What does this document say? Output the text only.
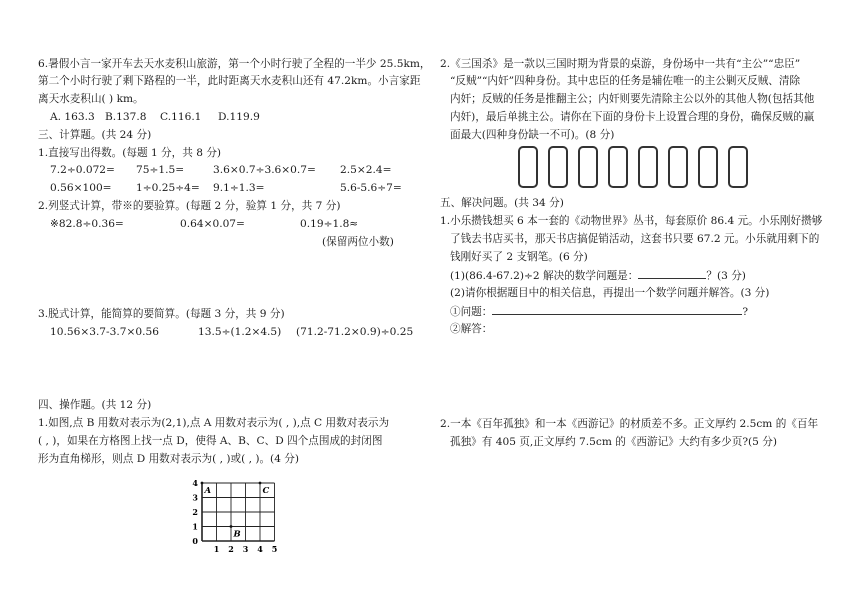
6.暑假小言一家开车去天水麦积山旅游，第一个小时行驶了全程的一半少 25.5km，
第二个小时行驶了剩下路程的一半，此时距离天水麦积山还有 47.2km。小言家距
离天水麦积山( ) km。
A. 163.3 B.137.8 C.116.1 D.119.9
三、计算题。(共 24 分)
1.直接写出得数。(每题 1 分，共 8 分)
7.2÷0.072= 75÷1.5=	3.6×0.7÷3.6×0.7= 2.5×2.4=
0.56×100= 1÷0.25÷4= 9.1÷1.3=	5.6-5.6÷7=
2.列竖式计算，带※的要验算。(每题 2 分，验算 1 分，共 7 分)
※82.8÷0.36=	0.64×0.07=	0.19÷1.8≈
(保留两位小数)
3.脱式计算，能简算的要简算。(每题 3 分，共 9 分)
10.56×3.7-3.7×0.56	13.5÷(1.2×4.5) (71.2-71.2×0.9)÷0.25
四、操作题。(共 12 分)
1.如图,点 B 用数对表示为(2,1),点 A 用数对表示为( , ),点 C 用数对表示为
( , )，如果在方格图上找一点 D，使得 A、B、C、D 四个点围成的封闭图
形为直角梯形，则点 D 用数对表示为( , )或( , )。(4 分)
1 2 3 4 5
0
1
2
3
4
A
B
C
2.《三国杀》是一款以三国时期为背景的桌游，身份场中一共有“主公”“忠臣”
“反贼”“内奸”四种身份。其中忠臣的任务是辅佐唯一的主公剿灭反贼、清除
内奸；反贼的任务是推翻主公；内奸则要先清除主公以外的其他人物(包括其他
内奸)，最后单挑主公。请你在下面的身份卡上设置合理的身份，确保反贼的赢
面最大(四种身份缺一不可)。(8 分)
五、解决问题。(共 34 分)
1.小乐攒钱想买 6 本一套的《动物世界》丛书，每套原价 86.4 元。小乐刚好攒够
了钱去书店买书，那天书店搞促销活动，这套书只要 67.2 元。小乐就用剩下的
钱刚好买了 2 支钢笔。(6 分)
(1)(86.4-67.2)÷2 解决的数学问题是：	？(3 分)
(2)请你根据题目中的相关信息，再提出一个数学问题并解答。(3 分)
①问题：	?
②解答：
2.一本《百年孤独》和一本《西游记》的材质差不多。正文厚约 2.5cm 的《百年
孤独》有 405 页,正文厚约 7.5cm 的《西游记》大约有多少页?(5 分)
